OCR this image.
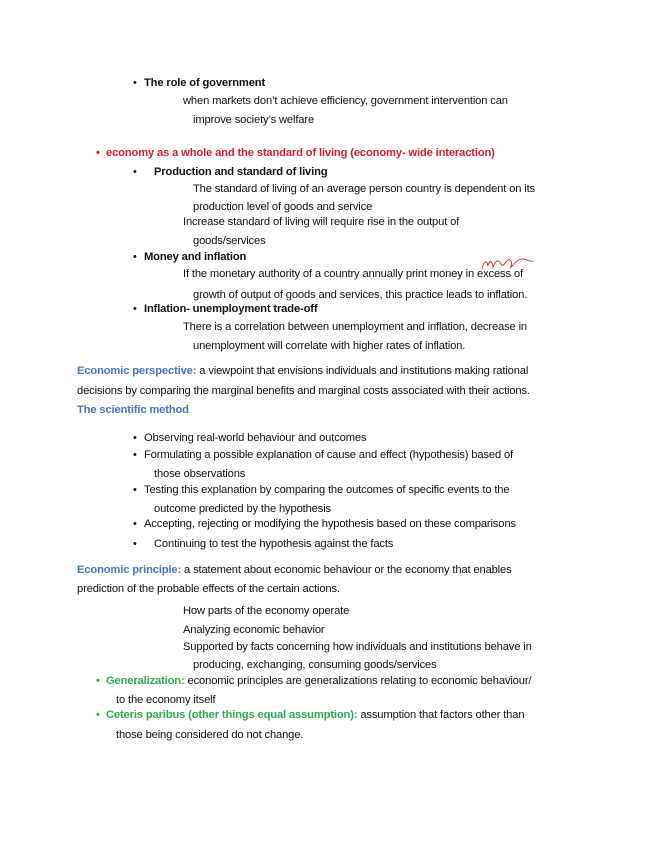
• The role of government
when markets don’t achieve efficiency, government intervention can
improve society’s welfare
• economy as a whole and the standard of living (economy- wide interaction)
• Production and standard of living
The standard of living of an average person country is dependent on its
production level of goods and service
Increase standard of living will require rise in the output of
goods/services
• Money and inflation
If the monetary authority of a country annually print money in excess of
growth of output of goods and services, this practice leads to inflation.
• Inflation- unemployment trade-off
There is a correlation between unemployment and inflation, decrease in
unemployment will correlate with higher rates of inflation.
Economic perspective: a viewpoint that envisions individuals and institutions making rational
decisions by comparing the marginal benefits and marginal costs associated with their actions.
The scientific method
• Observing real-world behaviour and outcomes
• Formulating a possible explanation of cause and effect (hypothesis) based of
those observations
• Testing this explanation by comparing the outcomes of specific events to the
outcome predicted by the hypothesis
• Accepting, rejecting or modifying the hypothesis based on these comparisons
• Continuing to test the hypothesis against the facts
Economic principle: a statement about economic behaviour or the economy that enables
prediction of the probable effects of the certain actions.
How parts of the economy operate
Analyzing economic behavior
Supported by facts concerning how individuals and institutions behave in
producing, exchanging, consuming goods/services
• Generalization: economic principles are generalizations relating to economic behaviour/
to the economy itself
• Ceteris paribus (other things equal assumption): assumption that factors other than
those being considered do not change.
